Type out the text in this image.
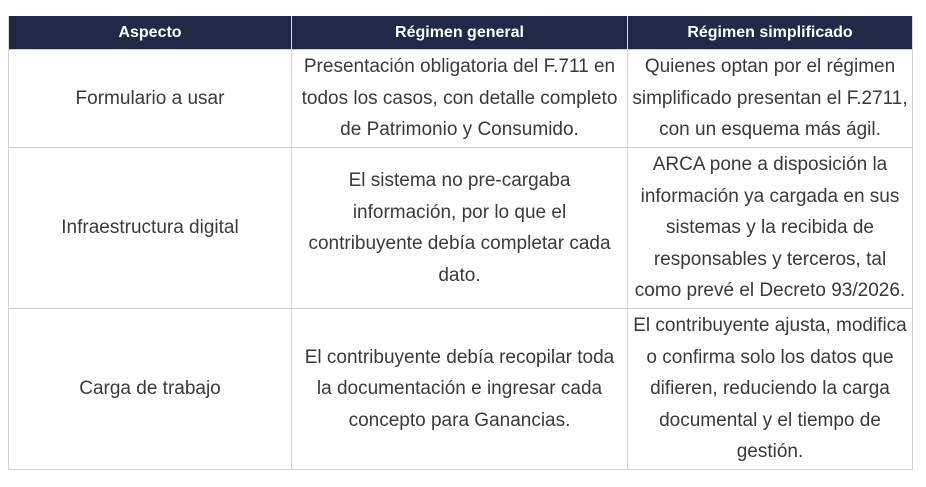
Aspecto	Régimen general	Régimen simplificado
Formulario a usar	Presentación obligatoria del F.711 en todos los casos, con detalle completo de Patrimonio y Consumido.	Quienes optan por el régimen simplificado presentan el F.2711, con un esquema más ágil.
Infraestructura digital	El sistema no pre-cargaba información, por lo que el contribuyente debía completar cada dato.	ARCA pone a disposición la información ya cargada en sus sistemas y la recibida de responsables y terceros, tal como prevé el Decreto 93/2026.
Carga de trabajo	El contribuyente debía recopilar toda la documentación e ingresar cada concepto para Ganancias.	El contribuyente ajusta, modifica o confirma solo los datos que difieren, reduciendo la carga documental y el tiempo de gestión.
